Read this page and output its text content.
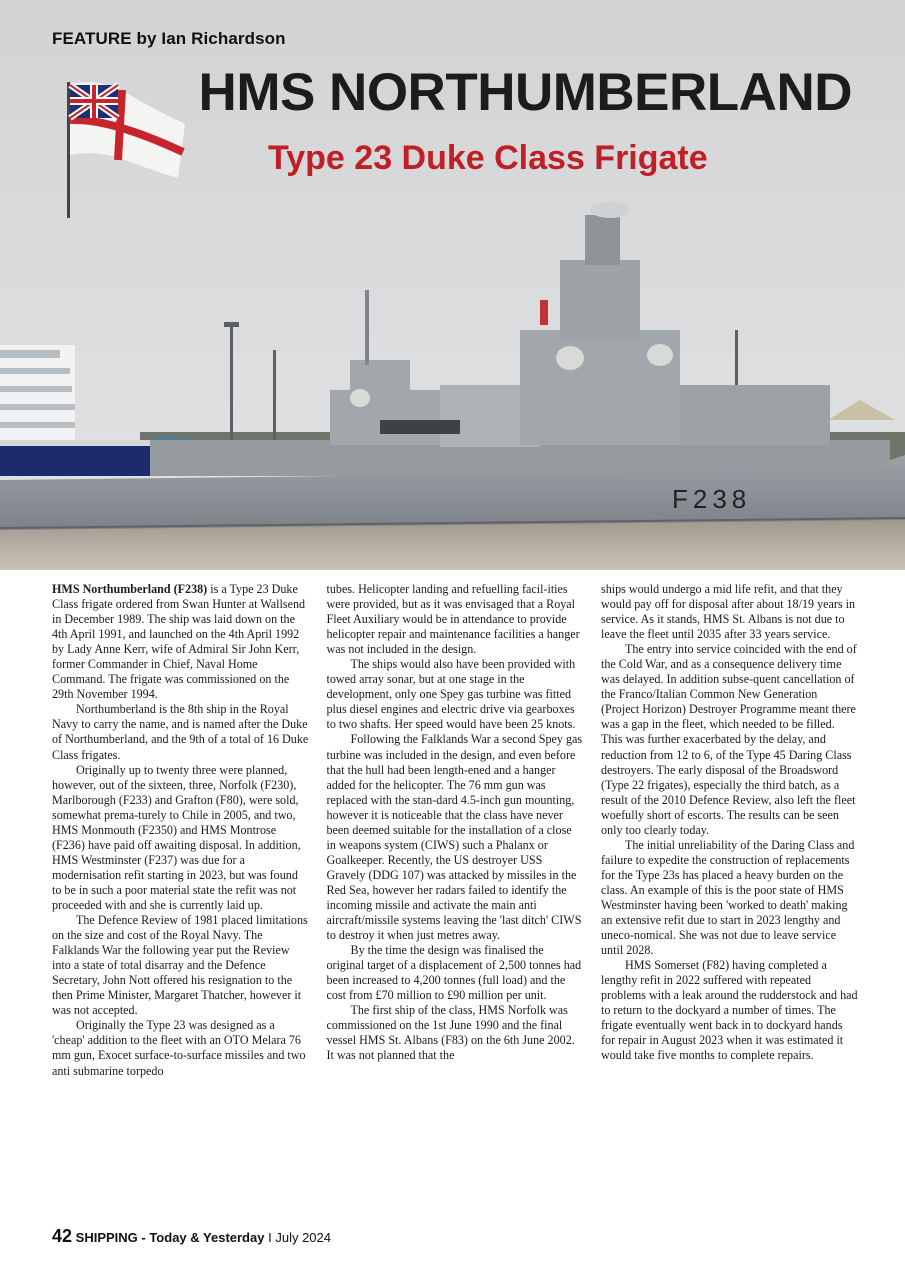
F238
FEATURE by Ian Richardson
HMS NORTHUMBERLAND
Type 23 Duke Class Frigate

HMS Northumberland (F238) is a Type 23 Duke Class frigate ordered from Swan Hunter at Wallsend in December 1989. The ship was laid down on the 4th April 1991, and launched on the 4th April 1992 by Lady Anne Kerr, wife of Admiral Sir John Kerr, former Commander in Chief, Naval Home Command. The frigate was commissioned on the 29th November 1994.

Northumberland is the 8th ship in the Royal Navy to carry the name, and is named after the Duke of Northumberland, and the 9th of a total of 16 Duke Class frigates.

Originally up to twenty three were planned, however, out of the sixteen, three, Norfolk (F230), Marlborough (F233) and Grafton (F80), were sold, somewhat prema-turely to Chile in 2005, and two, HMS Monmouth (F2350) and HMS Montrose (F236) have paid off awaiting disposal. In addition, HMS Westminster (F237) was due for a modernisation refit starting in 2023, but was found to be in such a poor material state the refit was not proceeded with and she is currently laid up.

The Defence Review of 1981 placed limitations on the size and cost of the Royal Navy. The Falklands War the following year put the Review into a state of total disarray and the Defence Secretary, John Nott offered his resignation to the then Prime Minister, Margaret Thatcher, however it was not accepted.

Originally the Type 23 was designed as a 'cheap' addition to the fleet with an OTO Melara 76 mm gun, Exocet surface-to-surface missiles and two anti submarine torpedo

tubes. Helicopter landing and refuelling facil-ities were provided, but as it was envisaged that a Royal Fleet Auxiliary would be in attendance to provide helicopter repair and maintenance facilities a hanger was not included in the design.

The ships would also have been provided with towed array sonar, but at one stage in the development, only one Spey gas turbine was fitted plus diesel engines and electric drive via gearboxes to two shafts. Her speed would have been 25 knots.

Following the Falklands War a second Spey gas turbine was included in the design, and even before that the hull had been length-ened and a hanger added for the helicopter. The 76 mm gun was replaced with the stan-dard 4.5-inch gun mounting, however it is noticeable that the class have never been deemed suitable for the installation of a close in weapons system (CIWS) such a Phalanx or Goalkeeper. Recently, the US destroyer USS Gravely (DDG 107) was attacked by missiles in the Red Sea, however her radars failed to identify the incoming missile and activate the main anti aircraft/missile systems leaving the 'last ditch' CIWS to destroy it when just metres away.

By the time the design was finalised the original target of a displacement of 2,500 tonnes had been increased to 4,200 tonnes (full load) and the cost from £70 million to £90 million per unit.

The first ship of the class, HMS Norfolk was commissioned on the 1st June 1990 and the final vessel HMS St. Albans (F83) on the 6th June 2002. It was not planned that the

ships would undergo a mid life refit, and that they would pay off for disposal after about 18/19 years in service. As it stands, HMS St. Albans is not due to leave the fleet until 2035 after 33 years service.

The entry into service coincided with the end of the Cold War, and as a consequence delivery time was delayed. In addition subse-quent cancellation of the Franco/Italian Common New Generation (Project Horizon) Destroyer Programme meant there was a gap in the fleet, which needed to be filled. This was further exacerbated by the delay, and reduction from 12 to 6, of the Type 45 Daring Class destroyers. The early disposal of the Broadsword (Type 22 frigates), especially the third batch, as a result of the 2010 Defence Review, also left the fleet woefully short of escorts. The results can be seen only too clearly today.

The initial unreliability of the Daring Class and failure to expedite the construction of replacements for the Type 23s has placed a heavy burden on the class. An example of this is the poor state of HMS Westminster having been 'worked to death' making an extensive refit due to start in 2023 lengthy and uneco-nomical. She was not due to leave service until 2028.

HMS Somerset (F82) having completed a lengthy refit in 2022 suffered with repeated problems with a leak around the rudderstock and had to return to the dockyard a number of times. The frigate eventually went back in to dockyard hands for repair in August 2023 when it was estimated it would take five months to complete repairs.

42 SHIPPING - Today & Yesterday I July 2024
